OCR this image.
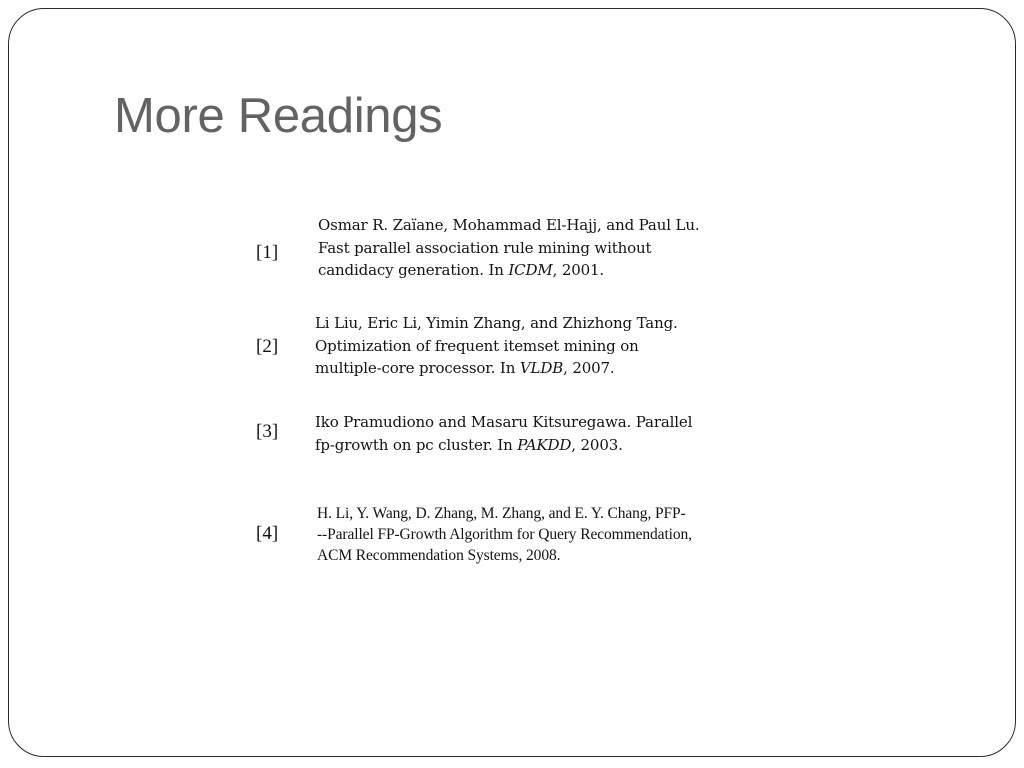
More Readings
[1]
Osmar R. Zaïane, Mohammad El-Hajj, and Paul Lu.
Fast parallel association rule mining without
candidacy generation. In ICDM, 2001.
[2]
Li Liu, Eric Li, Yimin Zhang, and Zhizhong Tang.
Optimization of frequent itemset mining on
multiple-core processor. In VLDB, 2007.
[3] Iko Pramudiono and Masaru Kitsuregawa. Parallel
fp-growth on pc cluster. In PAKDD, 2003.
[4]
H. Li, Y. Wang, D. Zhang, M. Zhang, and E. Y. Chang, PFP-
--Parallel FP-Growth Algorithm for Query Recommendation,
ACM Recommendation Systems, 2008.
